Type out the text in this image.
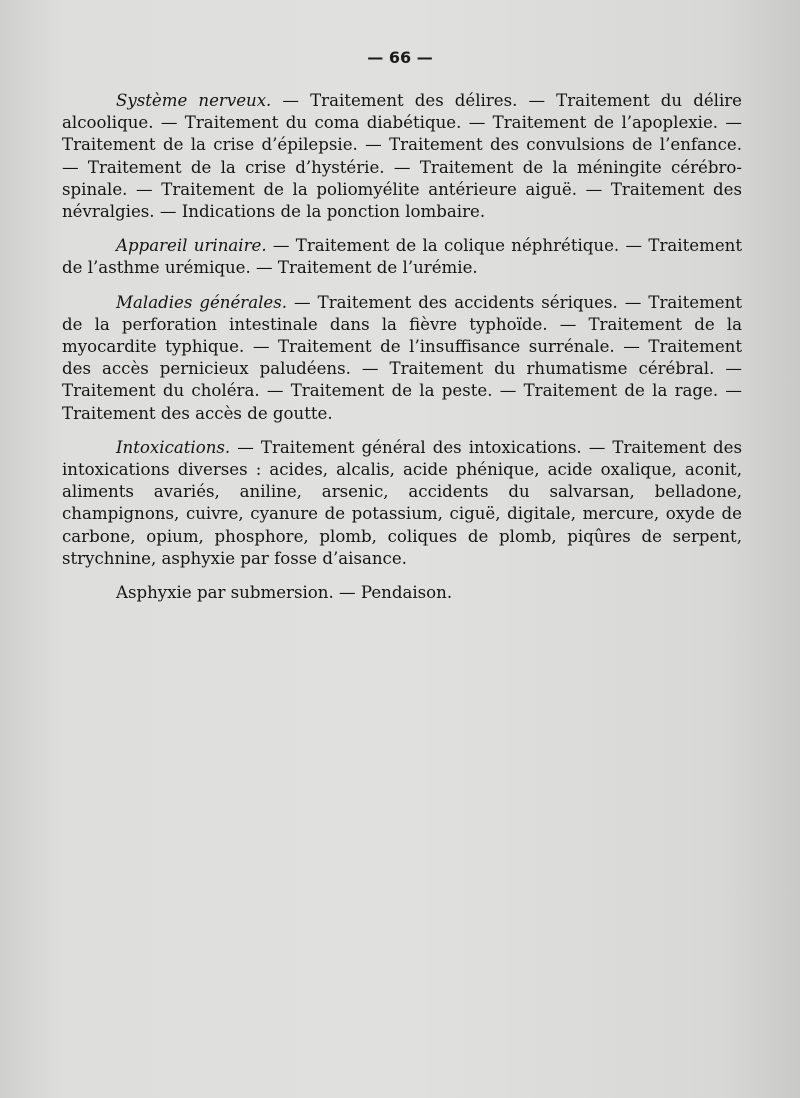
— 66 —

Système nerveux. — Traitement des délires. — Traitement du délire alcoolique. — Traitement du coma diabétique. — Traitement de l’apoplexie. — Traitement de la crise d’épilepsie. — Traitement des convulsions de l’enfance. — Traitement de la crise d’hystérie. — Traitement de la méningite cérébro-spinale. — Traitement de la poliomyélite antérieure aiguë. — Traitement des névralgies. — Indications de la ponction lombaire.

Appareil urinaire. — Traitement de la colique néphrétique. — Traitement de l’asthme urémique. — Traitement de l’urémie.

Maladies générales. — Traitement des accidents sériques. — Traitement de la perforation intestinale dans la fièvre typhoïde. — Traitement de la myocardite typhique. — Traitement de l’insuffisance surrénale. — Traitement des accès pernicieux paludéens. — Traitement du rhumatisme cérébral. — Traitement du choléra. — Traitement de la peste. — Traitement de la rage. — Traitement des accès de goutte.

Intoxications. — Traitement général des intoxications. — Traitement des intoxications diverses : acides, alcalis, acide phénique, acide oxalique, aconit, aliments avariés, aniline, arsenic, accidents du salvarsan, belladone, champignons, cuivre, cyanure de potassium, ciguë, digitale, mercure, oxyde de carbone, opium, phosphore, plomb, coliques de plomb, piqûres de serpent, strychnine, asphyxie par fosse d’aisance.

Asphyxie par submersion. — Pendaison.
